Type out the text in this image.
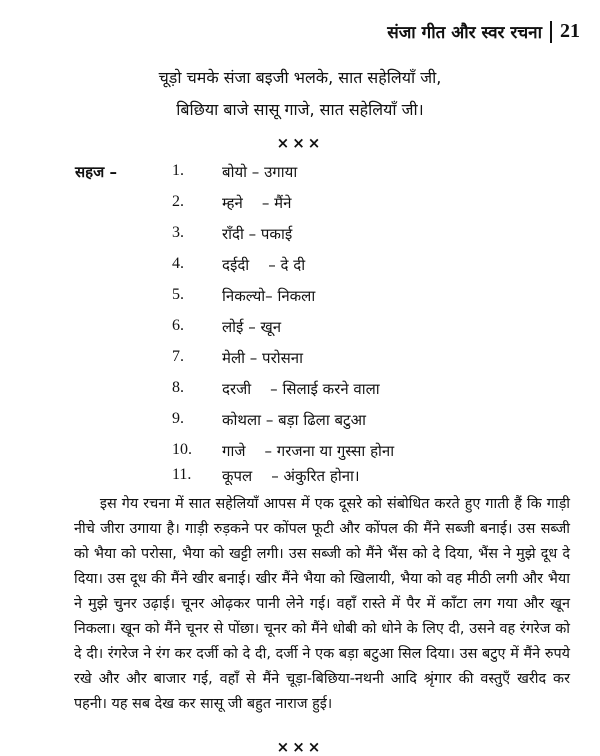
संजा गीत और स्वर रचना 21
चूड़ो चमके संजा बइजी भलके, सात सहेलियाँ जी,
बिछिया बाजे सासू गाजे, सात सहेलियाँ जी।
×××
सहज –	1.	बोयो – उगाया
2.	म्हने    – मैंने
3.	राँदी – पकाई
4.	दईदी    – दे दी
5.	निकल्यो– निकला
6.	लोई – खून
7.	मेली – परोसना
8.	दरजी    – सिलाई करने वाला
9.	कोथला – बड़ा ढिला बटुआ
10. गाजे    – गरजना या गुस्सा होना
11. कूपल    – अंकुरित होना।

इस गेय रचना में सात सहेलियाँ आपस में एक दूसरे को संबोधित करते हुए गाती हैं कि गाड़ी नीचे जीरा उगाया है। गाड़ी रुड़कने पर कोंपल फूटी और कोंपल की मैंने सब्जी बनाई। उस सब्जी को भैया को परोसा, भैया को खट्टी लगी। उस सब्जी को मैंने भैंस को दे दिया, भैंस ने मुझे दूध दे दिया। उस दूध की मैंने खीर बनाई। खीर मैंने भैया को खिलायी, भैया को वह मीठी लगी और भैया ने मुझे चुनर उढ़ाई। चूनर ओढ़कर पानी लेने गई। वहाँ रास्ते में पैर में काँटा लग गया और खून निकला। खून को मैंने चूनर से पोंछा। चूनर को मैंने धोबी को धोने के लिए दी, उसने वह रंगरेज को दे दी। रंगरेज ने रंग कर दर्जी को दे दी, दर्जी ने एक बड़ा बटुआ सिल दिया। उस बटुए में मैंने रुपये रखे और और बाजार गई, वहाँ से मैंने चूड़ा-बिछिया-नथनी आदि श्रृंगार की वस्तुएँ खरीद कर पहनी। यह सब देख कर सासू जी बहुत नाराज हुई।

×××
